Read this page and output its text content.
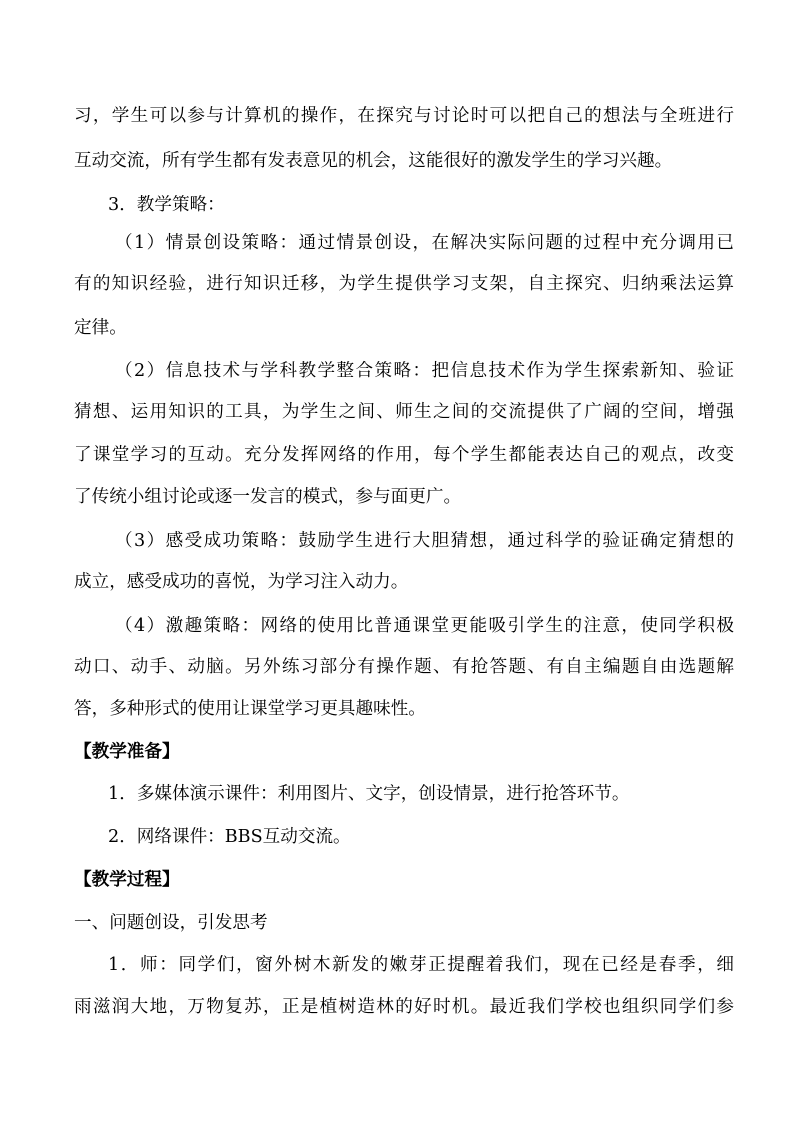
习，学生可以参与计算机的操作，在探究与讨论时可以把自己的想法与全班进行
互动交流，所有学生都有发表意见的机会，这能很好的激发学生的学习兴趣。
3．教学策略：
（1）情景创设策略：通过情景创设，在解决实际问题的过程中充分调用已
有的知识经验，进行知识迁移，为学生提供学习支架，自主探究、归纳乘法运算
定律。
（2）信息技术与学科教学整合策略：把信息技术作为学生探索新知、验证
猜想、运用知识的工具，为学生之间、师生之间的交流提供了广阔的空间，增强
了课堂学习的互动。充分发挥网络的作用，每个学生都能表达自己的观点，改变
了传统小组讨论或逐一发言的模式，参与面更广。
（3）感受成功策略：鼓励学生进行大胆猜想，通过科学的验证确定猜想的
成立，感受成功的喜悦，为学习注入动力。
（4）激趣策略：网络的使用比普通课堂更能吸引学生的注意，使同学积极
动口、动手、动脑。另外练习部分有操作题、有抢答题、有自主编题自由选题解
答，多种形式的使用让课堂学习更具趣味性。
【教学准备】
1．多媒体演示课件：利用图片、文字，创设情景，进行抢答环节。
2．网络课件：BBS互动交流。
【教学过程】
一、问题创设，引发思考
1．师：同学们，窗外树木新发的嫩芽正提醒着我们，现在已经是春季，细
雨滋润大地，万物复苏，正是植树造林的好时机。最近我们学校也组织同学们参
